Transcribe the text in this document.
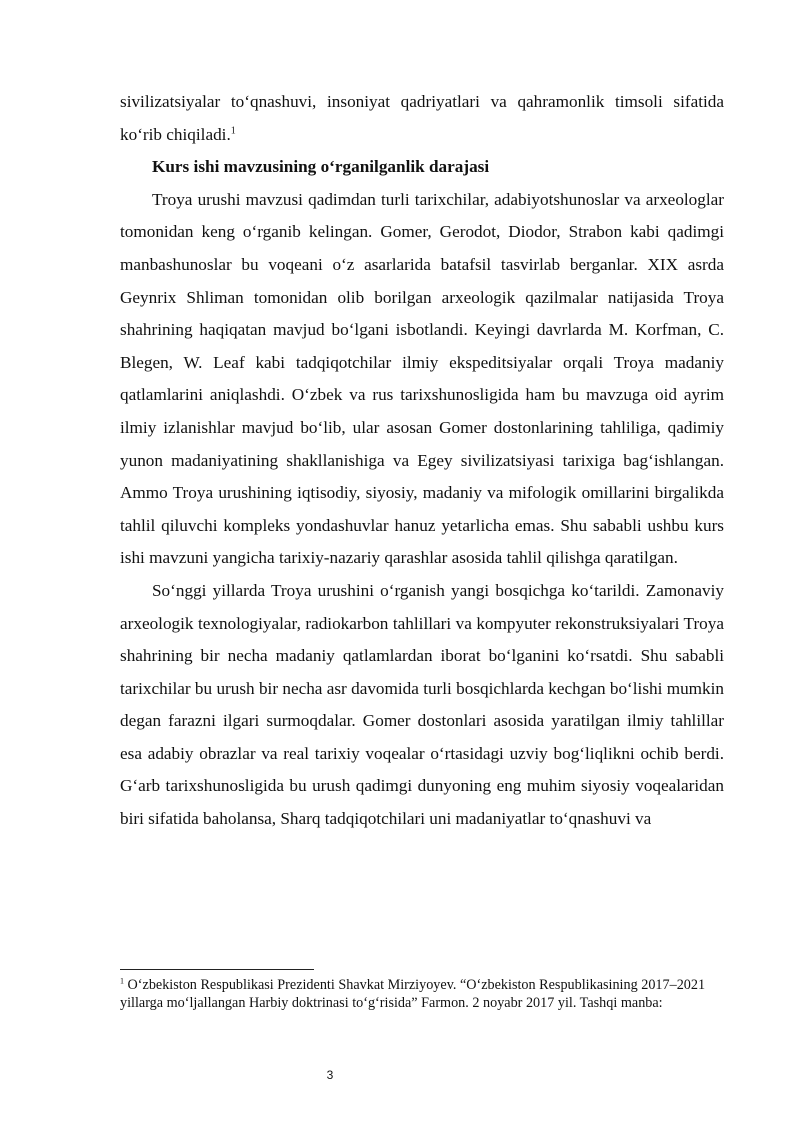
sivilizatsiyalar to‘qnashuvi, insoniyat qadriyatlari va qahramonlik timsoli sifatida ko‘rib chiqiladi.$^1$

Kurs ishi mavzusining o‘rganilganlik darajasi

Troya urushi mavzusi qadimdan turli tarixchilar, adabiyotshunoslar va arxeologlar tomonidan keng o‘rganib kelingan. Gomer, Gerodot, Diodor, Strabon kabi qadimgi manbashunoslar bu voqeani o‘z asarlarida batafsil tasvirlab berganlar. XIX asrda Geynrix Shliman tomonidan olib borilgan arxeologik qazilmalar natijasida Troya shahrining haqiqatan mavjud bo‘lgani isbotlandi. Keyingi davrlarda M. Korfman, C. Blegen, W. Leaf kabi tadqiqotchilar ilmiy ekspeditsiyalar orqali Troya madaniy qatlamlarini aniqlashdi. O‘zbek va rus tarixshunosligida ham bu mavzuga oid ayrim ilmiy izlanishlar mavjud bo‘lib, ular asosan Gomer dostonlarining tahliliga, qadimiy yunon madaniyatining shakllanishiga va Egey sivilizatsiyasi tarixiga bag‘ishlangan. Ammo Troya urushining iqtisodiy, siyosiy, madaniy va mifologik omillarini birgalikda tahlil qiluvchi kompleks yondashuvlar hanuz yetarlicha emas. Shu sababli ushbu kurs ishi mavzuni yangicha tarixiy-nazariy qarashlar asosida tahlil qilishga qaratilgan.

So‘nggi yillarda Troya urushini o‘rganish yangi bosqichga ko‘tarildi. Zamonaviy arxeologik texnologiyalar, radiokarbon tahlillari va kompyuter rekonstruksiyalari Troya shahrining bir necha madaniy qatlamlardan iborat bo‘lganini ko‘rsatdi. Shu sababli tarixchilar bu urush bir necha asr davomida turli bosqichlarda kechgan bo‘lishi mumkin degan farazni ilgari surmoqdalar. Gomer dostonlari asosida yaratilgan ilmiy tahlillar esa adabiy obrazlar va real tarixiy voqealar o‘rtasidagi uzviy bog‘liqlikni ochib berdi. G‘arb tarixshunosligida bu urush qadimgi dunyoning eng muhim siyosiy voqealaridan biri sifatida baholansa, Sharq tadqiqotchilari uni madaniyatlar to‘qnashuvi va

$^1$ O‘zbekiston Respublikasi Prezidenti Shavkat Mirziyoyev. “O‘zbekiston Respublikasining 2017–2021 yillarga mo‘ljallangan Harbiy doktrinasi to‘g‘risida” Farmon. 2 noyabr 2017 yil. Tashqi manba:

3
